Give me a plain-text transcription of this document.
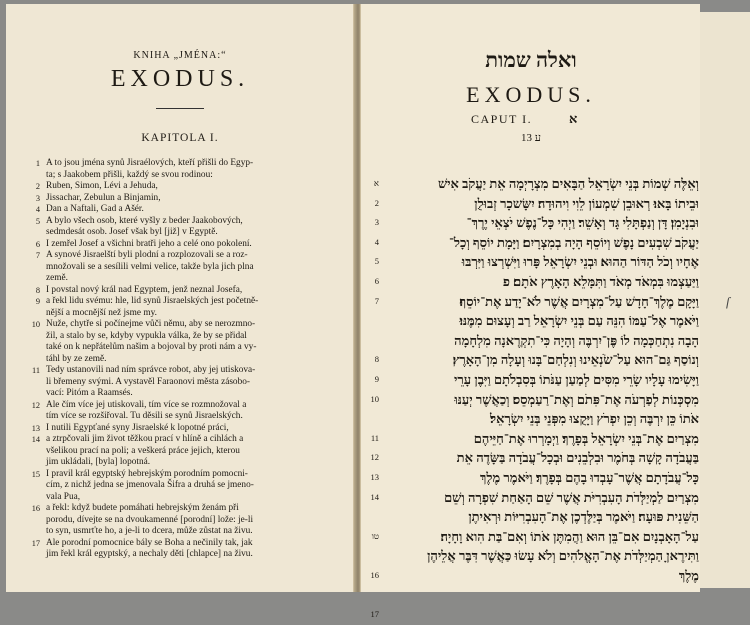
KNIHA „JMÉNA:“
EXODUS.
KAPITOLA I.
1 A to jsou jména synů Jisraélových, kteří přišli do Egyp-
ta; s Jaakobem přišli, každý se svou rodinou:
2 Ruben, Simon, Lévi a Jehuda,
3 Jissachar, Zebulun a Binjamin,
4 Dan a Naftali, Gad a Ašér.
5 A bylo všech osob, které vyšly z beder Jaakobových,
sedmdesát osob. Josef však byl [již] v Egyptě.
6 I zemřel Josef a všichni bratři jeho a celé ono pokolení.
7 A synové Jisraelští byli plodní a rozplozovali se a roz-
množovali se a sesílili velmi velice, takže byla jich plna
země.
8 I povstal nový král nad Egyptem, jenž neznal Josefa,
9 a řekl lidu svému: hle, lid synů Jisraelských jest početně-
nější a mocnější než jsme my.
10 Nuže, chytře si počínejme vůči němu, aby se nerozmno-
žil, a stalo by se, kdyby vypukla válka, že by se přidal
také on k nepřátelům našim a bojoval by proti nám a vy-
táhl by ze země.
11 Tedy ustanovili nad ním správce robot, aby jej utiskova-
li břemeny svými. A vystavěl Faraonovi města zásobo-
vací: Pitóm a Raamsés.
12 Ale čím více jej utiskovali, tím více se rozmnožoval a
tím více se rozšiřoval. Tu děsili se synů Jisraelských.
13 I nutili Egypťané syny Jisraelské k lopotné práci,
14 a ztrpčovali jim život těžkou prací v hlíně a cihlách a
všelikou prací na poli; a veškerá práce jejich, kterou
jim ukládali, [byla] lopotná.
15 I pravil král egyptský hebrejským porodním pomocni-
cím, z nichž jedna se jmenovala Šifra a druhá se jmeno-
vala Pua,
16 a řekl: když budete pomáhati hebrejským ženám při
porodu, dívejte se na dvoukamenné [porodní] lože: je-li
to syn, usmrťte ho, a je-li to dcera, může zůstat na živu.
17 Ale porodní pomocnice bály se Boha a nečinily tak, jak
jim řekl král egyptský, a nechaly děti [chlapce] na živu.
ואלה שמות
EXODUS.
CAPUT I.	א
13 ע
א
2
3
4
5
6
7
8
9
10
11
12
13
14
טו
16
17
וְאֵלֶּה שְׁמוֹת בְּנֵי יִשְׂרָאֵל הַבָּאִים מִצְרָיְמָה אֵת יַעֲקֹב אִישׁ
וּבֵיתוֹ בָּאוּ׃ רְאוּבֵן שִׁמְעוֹן לֵוִי וִיהוּדָה׃ יִשָּׂשכָר זְבוּלֻן
וּבִנְיָמִן׃ דָּן וְנַפְתָּלִי גָּד וְאָשֵׁר׃ וַיְהִי כָּל־נֶפֶשׁ יֹצְאֵי יֶרֶךְ־
יַעֲקֹב שִׁבְעִים נָפֶשׁ וְיוֹסֵף הָיָה בְמִצְרָיִם׃ וַיָּמָת יוֹסֵף וְכָל־
אֶחָיו וְכֹל הַדּוֹר הַהוּא׃ וּבְנֵי יִשְׂרָאֵל פָּרוּ וַיִּשְׁרְצוּ וַיִּרְבּוּ
וַיַּעַצְמוּ בִּמְאֹד מְאֹד וַתִּמָּלֵא הָאָרֶץ אֹתָם׃ פ
וַיָּקָם מֶלֶךְ־חָדָשׁ עַל־מִצְרָיִם אֲשֶׁר לֹא־יָדַע אֶת־יוֹסֵף׃
וַיֹּאמֶר אֶל־עַמּוֹ הִנֵּה עַם בְּנֵי יִשְׂרָאֵל רַב וְעָצוּם מִמֶּנּוּ׃
הָבָה נִתְחַכְּמָה לוֹ פֶּן־יִרְבֶּה וְהָיָה כִּי־תִקְרֶאנָה מִלְחָמָה
וְנוֹסַף גַּם־הוּא עַל־שֹׂנְאֵינוּ וְנִלְחַם־בָּנוּ וְעָלָה מִן־הָאָרֶץ׃
וַיָּשִׂימוּ עָלָיו שָׂרֵי מִסִּים לְמַעַן עַנֹּתוֹ בְּסִבְלֹתָם וַיִּבֶן עָרֵי
מִסְכְּנוֹת לְפַרְעֹה אֶת־פִּתֹם וְאֶת־רַעַמְסֵס׃ וְכַאֲשֶׁר יְעַנּוּ
אֹתוֹ כֵּן יִרְבֶּה וְכֵן יִפְרֹץ וַיָּקֻצוּ מִפְּנֵי בְּנֵי יִשְׂרָאֵל׃
מִצְרַיִם אֶת־בְּנֵי יִשְׂרָאֵל בְּפָרֶךְ׃ וַיְמָרְרוּ אֶת־חַיֵּיהֶם
בַּעֲבֹדָה קָשָׁה בְּחֹמֶר וּבִלְבֵנִים וּבְכָל־עֲבֹדָה בַּשָּׂדֶה אֵת
כָּל־עֲבֹדָתָם אֲשֶׁר־עָבְדוּ בָהֶם בְּפָרֶךְ׃ וַיֹּאמֶר מֶלֶךְ
מִצְרַיִם לַמְיַלְּדֹת הָעִבְרִיֹּת אֲשֶׁר שֵׁם הָאַחַת שִׁפְרָה וְשֵׁם
הַשֵּׁנִית פּוּעָה׃ וַיֹּאמֶר בְּיַלֶּדְכֶן אֶת־הָעִבְרִיּוֹת וּרְאִיתֶן
עַל־הָאָבְנָיִם אִם־בֵּן הוּא וַהֲמִתֶּן אֹתוֹ וְאִם־בַּת הִוא וָחָיָה׃
וַתִּירֶאןָ הַמְיַלְּדֹת אֶת־הָאֱלֹהִים וְלֹא עָשׂוּ כַּאֲשֶׁר דִּבֶּר אֲלֵיהֶן
מֶלֶךְ
ſ
